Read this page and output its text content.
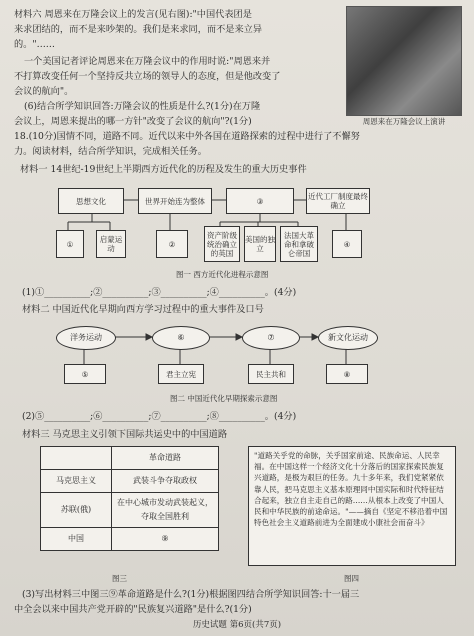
材料六 周恩来在万隆会议上的发言(见右图):"中国代表团是
来求团结的，而不是来吵架的。我们是来求同，而不是来立异
的。"……
一个美国记者评论周恩来在万隆会议中的作用时说:"周恩来并
不打算改变任何一个坚持反共立场的领导人的态度，但是他改变了
会议的航向"。
(6)结合所学知识回答:万隆会议的性质是什么?(1分)在万隆
会议上，周恩来提出的哪一方针"改变了会议的航向"?(1分)
18.(10分)国情不同，道路不同。近代以来中外各国在道路探索的过程中进行了不懈努
力。阅读材料，结合所学知识，完成相关任务。
材料一 14世纪-19世纪上半期西方近代化的历程及发生的重大历史事件
周恩来在万隆会议上演讲
思想文化	世界开始连为整体	③	近代工厂制度最终确立
①	启蒙运动	②
资产阶级统治确立的英国
美国的独立
法国大革命和拿破仑帝国
④
图一 西方近代化进程示意图
(1)①__________;②__________;③__________;④__________。(4分)
材料二 中国近代化早期向西方学习过程中的重大事件及口号
洋务运动	⑥	⑦	新文化运动
⑤	君主立宪	民主共和	⑧
图二 中国近代化早期探索示意图
(2)⑤__________;⑥__________;⑦__________;⑧__________。(4分)
材料三 马克思主义引领下国际共运史中的中国道路
	革命道路
马克思主义	武装斗争夺取政权
苏联(俄)	在中心城市发动武装起义，夺取全国胜利
中国	⑨
图三
"道路关乎党的命脉，关乎国家前途、民族命运、人民幸福。在中国这样一个经济文化十分落后的国家探索民族复兴道路，是极为艰巨的任务。九十多年来，我们党紧紧依靠人民，把马克思主义基本原理同中国实际和时代特征结合起来，独立自主走自己的路……从根本上改变了中国人民和中华民族的前途命运。"——摘自《坚定不移沿着中国特色社会主义道路前进为全面建成小康社会而奋斗》
图四
(3)写出材料三中图三⑨革命道路是什么?(1分)根据图四结合所学知识回答:十一届三
中全会以来中国共产党开辟的"民族复兴道路"是什么?(1分)
历史试题 第6页(共7页)
